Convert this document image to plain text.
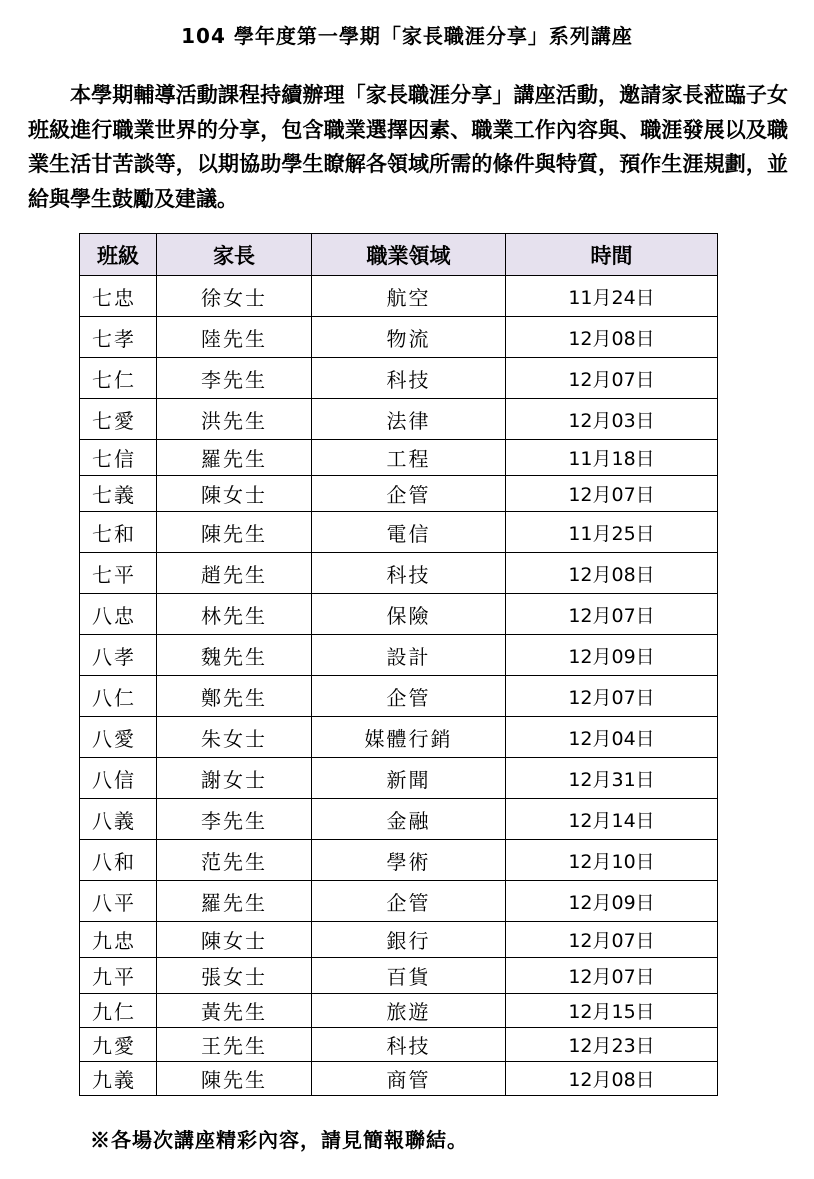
104 學年度第一學期「家長職涯分享」系列講座

本學期輔導活動課程持續辦理「家長職涯分享」講座活動，邀請家長蒞臨子女班級進行職業世界的分享，包含職業選擇因素、職業工作內容與、職涯發展以及職業生活甘苦談等，以期協助學生瞭解各領域所需的條件與特質，預作生涯規劃，並給與學生鼓勵及建議。

班級	家長	職業領域	時間
七忠	徐女士	航空	11月24日
七孝	陸先生	物流	12月08日
七仁	李先生	科技	12月07日
七愛	洪先生	法律	12月03日
七信	羅先生	工程	11月18日
七義	陳女士	企管	12月07日
七和	陳先生	電信	11月25日
七平	趙先生	科技	12月08日
八忠	林先生	保險	12月07日
八孝	魏先生	設計	12月09日
八仁	鄭先生	企管	12月07日
八愛	朱女士	媒體行銷	12月04日
八信	謝女士	新聞	12月31日
八義	李先生	金融	12月14日
八和	范先生	學術	12月10日
八平	羅先生	企管	12月09日
九忠	陳女士	銀行	12月07日
九平	張女士	百貨	12月07日
九仁	黃先生	旅遊	12月15日
九愛	王先生	科技	12月23日
九義	陳先生	商管	12月08日
※各場次講座精彩內容，請見簡報聯結。
